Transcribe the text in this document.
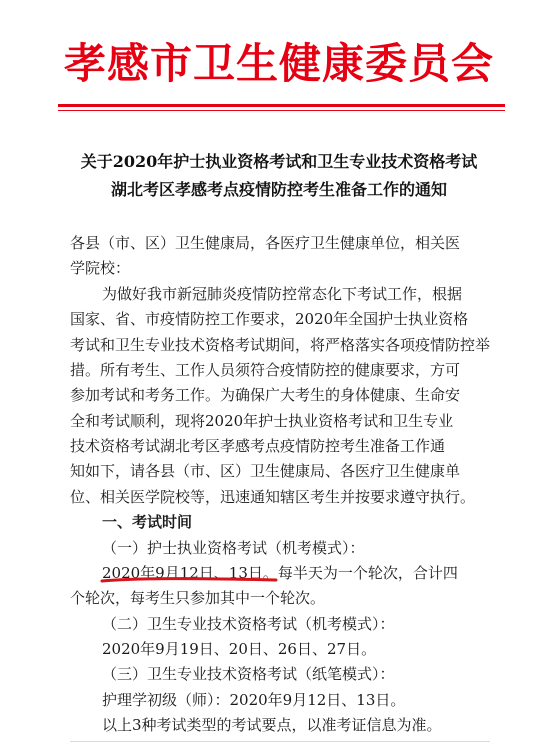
孝感市卫生健康委员会
关于2020年护士执业资格考试和卫生专业技术资格考试
湖北考区孝感考点疫情防控考生准备工作的通知
各县（市、区）卫生健康局，各医疗卫生健康单位，相关医
学院校：
为做好我市新冠肺炎疫情防控常态化下考试工作，根据
国家、省、市疫情防控工作要求，2020年全国护士执业资格
考试和卫生专业技术资格考试期间，将严格落实各项疫情防控举
措。所有考生、工作人员须符合疫情防控的健康要求，方可
参加考试和考务工作。为确保广大考生的身体健康、生命安
全和考试顺利，现将2020年护士执业资格考试和卫生专业
技术资格考试湖北考区孝感考点疫情防控考生准备工作通
知如下，请各县（市、区）卫生健康局、各医疗卫生健康单
位、相关医学院校等，迅速通知辖区考生并按要求遵守执行。
一、考试时间
（一）护士执业资格考试（机考模式）：
2020年9月12日、13日。每半天为一个轮次，合计四
个轮次，每考生只参加其中一个轮次。
（二）卫生专业技术资格考试（机考模式）：
2020年9月19日、20日、26日、27日。
（三）卫生专业技术资格考试（纸笔模式）：
护理学初级（师）：2020年9月12日、13日。
以上3种考试类型的考试要点，以准考证信息为准。
